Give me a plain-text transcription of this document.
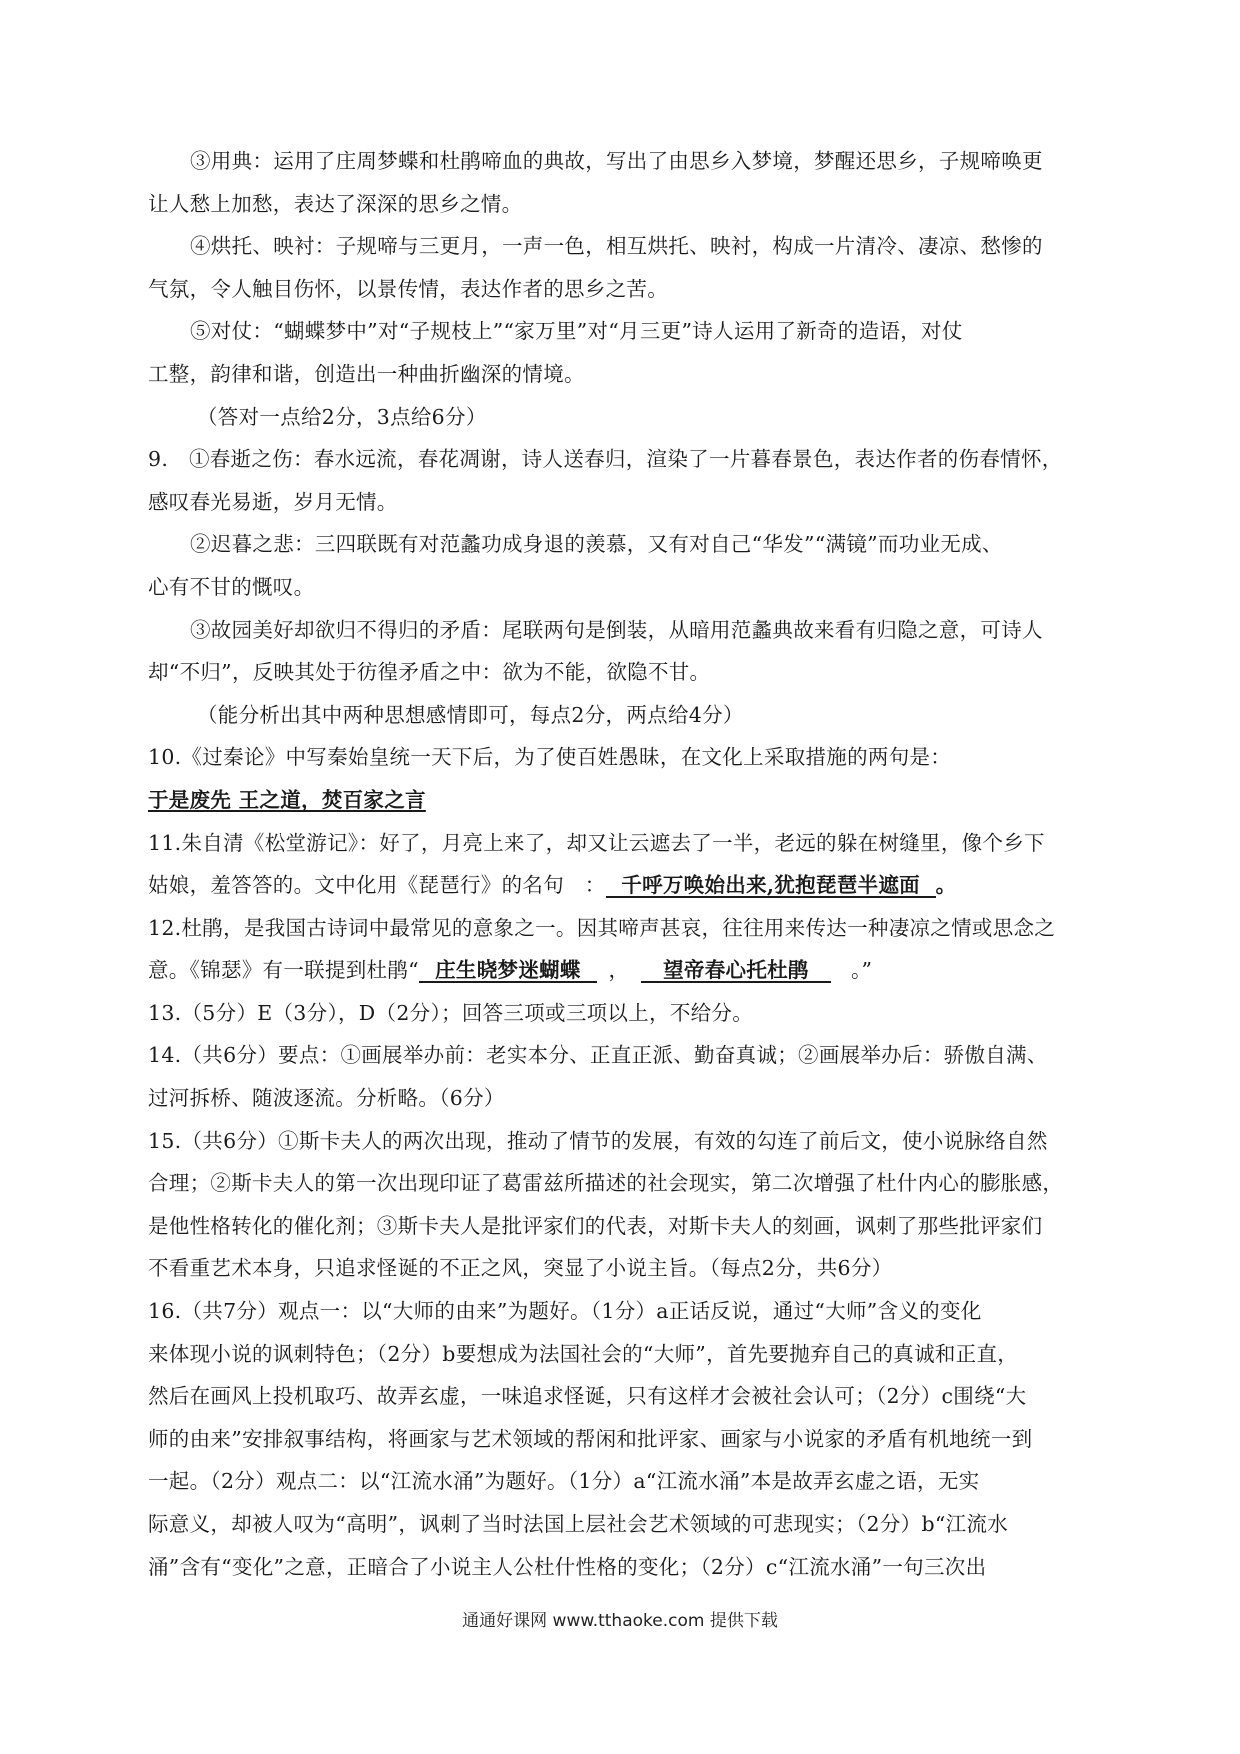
③用典：运用了庄周梦蝶和杜鹃啼血的典故，写出了由思乡入梦境，梦醒还思乡，子规啼唤更
让人愁上加愁，表达了深深的思乡之情。
④烘托、映衬：子规啼与三更月，一声一色，相互烘托、映衬，构成一片清冷、凄凉、愁惨的
气氛，令人触目伤怀，以景传情，表达作者的思乡之苦。
⑤对仗：“蝴蝶梦中”对“子规枝上”“家万里”对“月三更”诗人运用了新奇的造语，对仗
工整，韵律和谐，创造出一种曲折幽深的情境。
（答对一点给2分，3点给6分）
9.　①春逝之伤：春水远流，春花凋谢，诗人送春归，渲染了一片暮春景色，表达作者的伤春情怀，
感叹春光易逝，岁月无情。
②迟暮之悲：三四联既有对范蠡功成身退的羡慕，又有对自己“华发”“满镜”而功业无成、
心有不甘的慨叹。
③故园美好却欲归不得归的矛盾：尾联两句是倒装，从暗用范蠡典故来看有归隐之意，可诗人
却“不归”，反映其处于彷徨矛盾之中：欲为不能，欲隐不甘。
（能分析出其中两种思想感情即可，每点2分，两点给4分）
10.《过秦论》中写秦始皇统一天下后，为了使百姓愚昧，在文化上采取措施的两句是：
于是废先 王之道，焚百家之言
11.朱自清《松堂游记》：好了，月亮上来了，却又让云遮去了一半，老远的躲在树缝里，像个乡下
姑娘，羞答答的。文中化用《琵琶行》的名句　： 千呼万唤始出来,犹抱琵琶半遮面 。
12.杜鹃，是我国古诗词中最常见的意象之一。因其啼声甚哀，往往用来传达一种凄凉之情或思念之
意。《锦瑟》有一联提到杜鹃“ 庄生晓梦迷蝴蝶 ， 望帝春心托杜鹃 。”
13.（5分）E（3分），D（2分）；回答三项或三项以上，不给分。
14.（共6分）要点：①画展举办前：老实本分、正直正派、勤奋真诚；②画展举办后：骄傲自满、
过河拆桥、随波逐流。分析略。（6分）
15.（共6分）①斯卡夫人的两次出现，推动了情节的发展，有效的勾连了前后文，使小说脉络自然
合理；②斯卡夫人的第一次出现印证了葛雷兹所描述的社会现实，第二次增强了杜什内心的膨胀感，
是他性格转化的催化剂；③斯卡夫人是批评家们的代表，对斯卡夫人的刻画，讽刺了那些批评家们
不看重艺术本身，只追求怪诞的不正之风，突显了小说主旨。（每点2分，共6分）
16.（共7分）观点一：以“大师的由来”为题好。（1分）a正话反说，通过“大师”含义的变化
来体现小说的讽刺特色；（2分）b要想成为法国社会的“大师”，首先要抛弃自己的真诚和正直，
然后在画风上投机取巧、故弄玄虚，一味追求怪诞，只有这样才会被社会认可；（2分）c围绕“大
师的由来”安排叙事结构，将画家与艺术领域的帮闲和批评家、画家与小说家的矛盾有机地统一到
一起。（2分）观点二：以“江流水涌”为题好。（1分）a“江流水涌”本是故弄玄虚之语，无实
际意义，却被人叹为“高明”，讽刺了当时法国上层社会艺术领域的可悲现实；（2分）b“江流水
涌”含有“变化”之意，正暗合了小说主人公杜什性格的变化；（2分）c“江流水涌”一句三次出
通通好课网 www.tthaoke.com 提供下载
